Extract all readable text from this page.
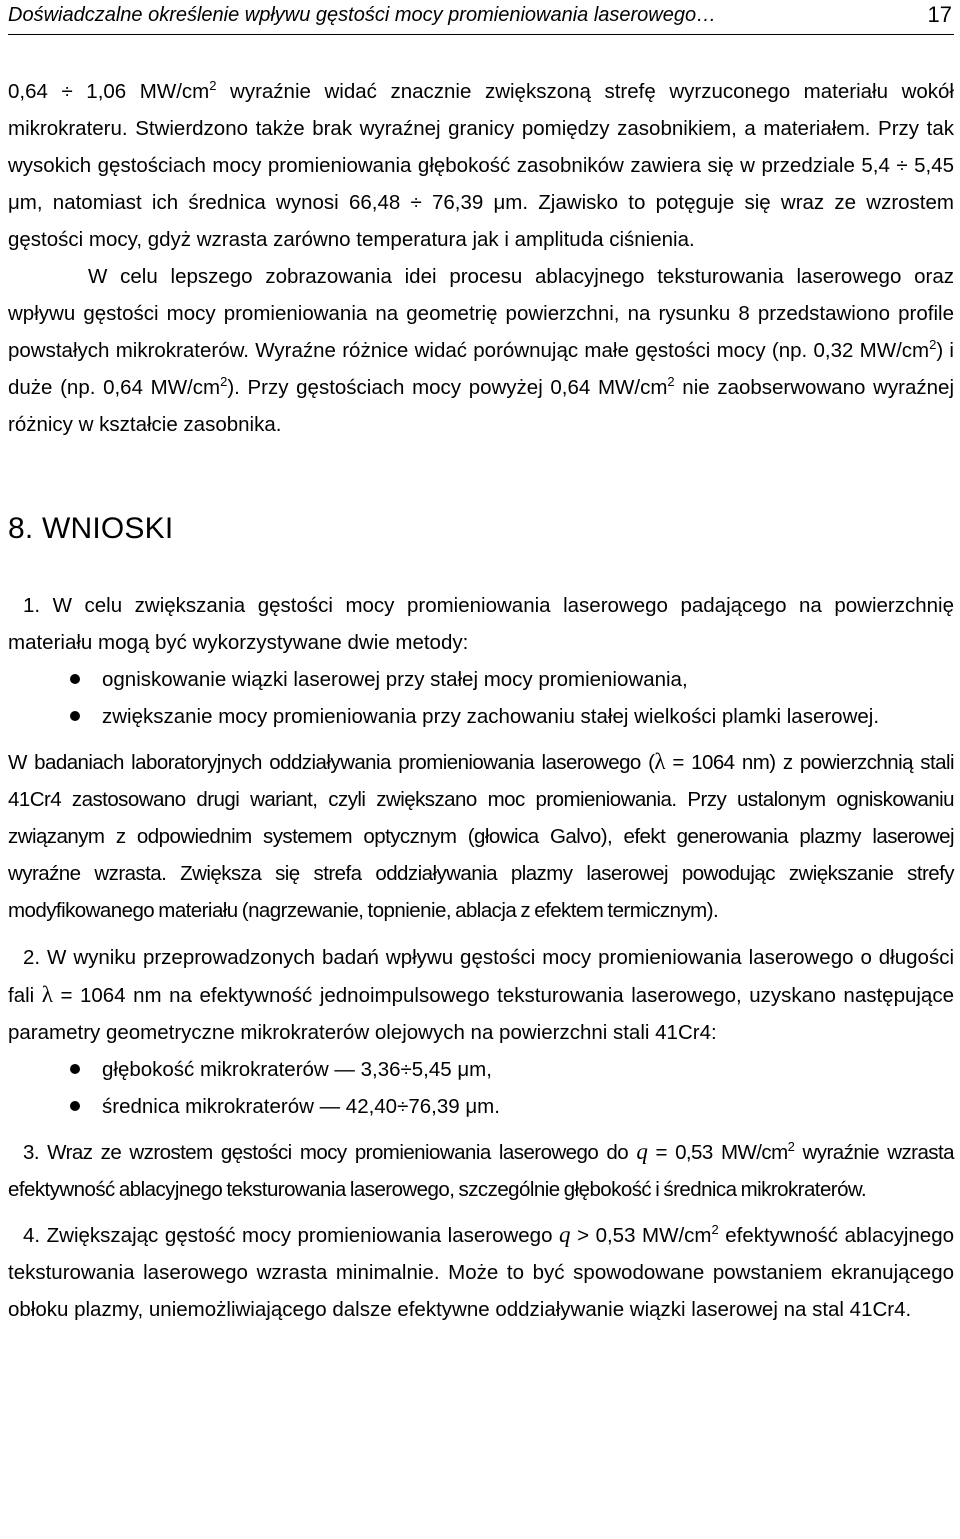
Doświadczalne określenie wpływu gęstości mocy promieniowania laserowego…	17

0,64 ÷ 1,06 $MW/cm^2$ wyraźnie widać znacznie zwiększoną strefę wyrzuconego materiału wokół mikrokrateru. Stwierdzono także brak wyraźnej granicy pomiędzy zasobnikiem, a materiałem. Przy tak wysokich gęstościach mocy promieniowania głębokość zasobników zawiera się w przedziale 5,4 ÷ 5,45 μm, natomiast ich średnica wynosi 66,48 ÷ 76,39 μm. Zjawisko to potęguje się wraz ze wzrostem gęstości mocy, gdyż wzrasta zarówno temperatura jak i amplituda ciśnienia.

W celu lepszego zobrazowania idei procesu ablacyjnego teksturowania laserowego oraz wpływu gęstości mocy promieniowania na geometrię powierzchni, na rysunku 8 przedstawiono profile powstałych mikrokraterów. Wyraźne różnice widać porównując małe gęstości mocy (np. 0,32 $MW/cm^2$) i duże (np. 0,64 $MW/cm^2$). Przy gęstościach mocy powyżej 0,64 $MW/cm^2$ nie zaobserwowano wyraźnej różnicy w kształcie zasobnika.

8. WNIOSKI

1. W celu zwiększania gęstości mocy promieniowania laserowego padającego na powierzchnię materiału mogą być wykorzystywane dwie metody:

ogniskowanie wiązki laserowej przy stałej mocy promieniowania,
zwiększanie mocy promieniowania przy zachowaniu stałej wielkości plamki laserowej.

W badaniach laboratoryjnych oddziaływania promieniowania laserowego (λ = 1064 nm) z powierzchnią stali 41Cr4 zastosowano drugi wariant, czyli zwiększano moc promieniowania. Przy ustalonym ogniskowaniu związanym z odpowiednim systemem optycznym (głowica Galvo), efekt generowania plazmy laserowej wyraźne wzrasta. Zwiększa się strefa oddziaływania plazmy laserowej powodując zwiększanie strefy modyfikowanego materiału (nagrzewanie, topnienie, ablacja z efektem termicznym).

2. W wyniku przeprowadzonych badań wpływu gęstości mocy promieniowania laserowego o długości fali λ = 1064 nm na efektywność jednoimpulsowego teksturowania laserowego, uzyskano następujące parametry geometryczne mikrokraterów olejowych na powierzchni stali 41Cr4:

głębokość mikrokraterów — 3,36÷5,45 μm,
średnica mikrokraterów — 42,40÷76,39 μm.

3. Wraz ze wzrostem gęstości mocy promieniowania laserowego do q = 0,53 $MW/cm^2$ wyraźnie wzrasta efektywność ablacyjnego teksturowania laserowego, szczególnie głębokość i średnica mikrokraterów.

4. Zwiększając gęstość mocy promieniowania laserowego q > 0,53 $MW/cm^2$ efektywność ablacyjnego teksturowania laserowego wzrasta minimalnie. Może to być spowodowane powstaniem ekranującego obłoku plazmy, uniemożliwiającego dalsze efektywne oddziaływanie wiązki laserowej na stal 41Cr4.
